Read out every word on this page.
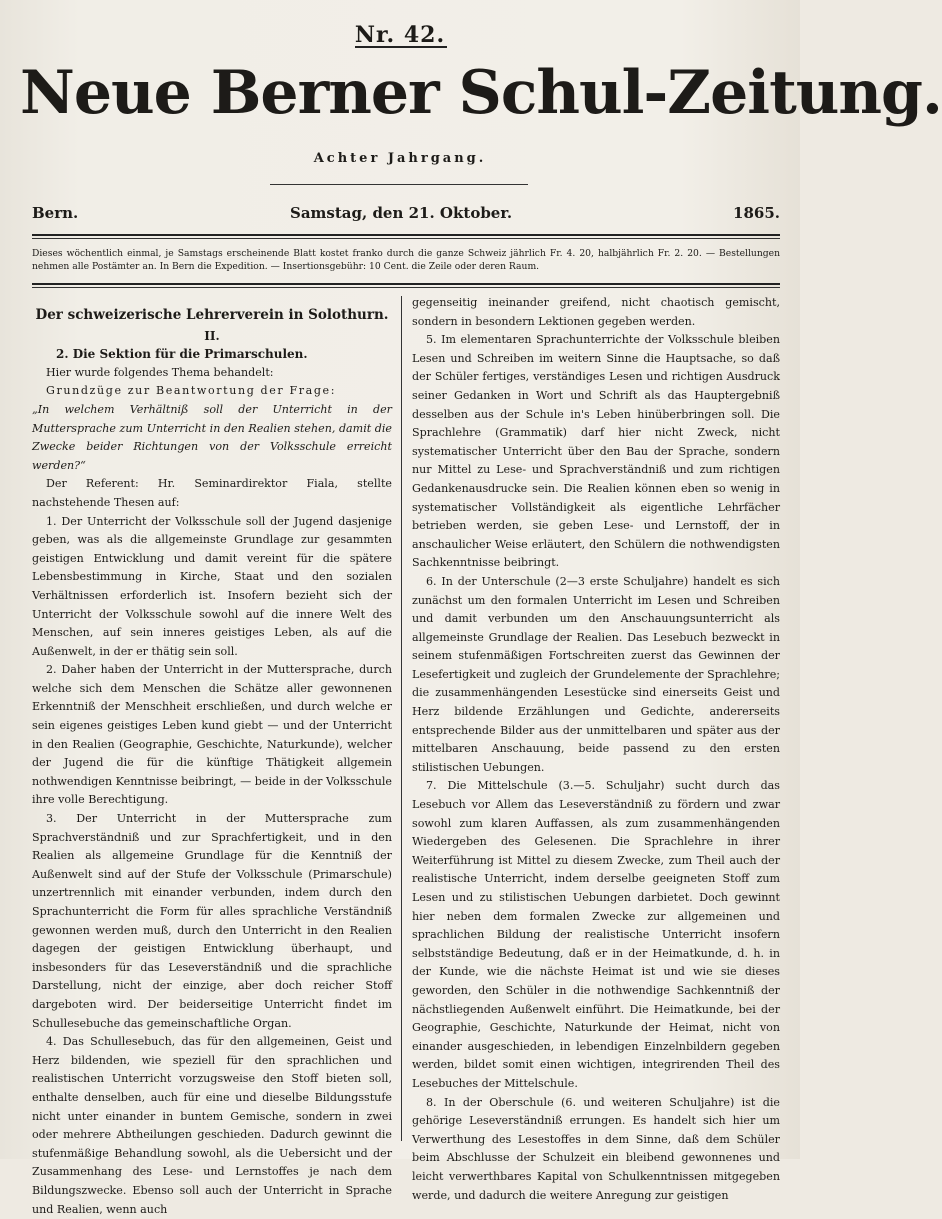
Nr. 42.
Neue Berner Schul-Zeitung.
Achter Jahrgang.
Bern.	Samstag, den 21. Oktober.	1865.
Dieses wöchentlich einmal, je Samstags erscheinende Blatt kostet franko durch die ganze Schweiz jährlich Fr. 4. 20, halbjährlich Fr. 2. 20. — Bestellungen nehmen alle Postämter an. In Bern die Expedition. — Insertionsgebühr: 10 Cent. die Zeile oder deren Raum.

Der schweizerische Lehrerverein in Solothurn.

II.

2. Die Sektion für die Primarschulen.

Hier wurde folgendes Thema behandelt:

Grundzüge zur Beantwortung der Frage:

„In welchem Verhältniß soll der Unterricht in der Muttersprache zum Unterricht in den Realien stehen, damit die Zwecke beider Richtungen von der Volksschule erreicht werden?“

Der Referent: Hr. Seminardirektor Fiala, stellte nachstehende Thesen auf:

1. Der Unterricht der Volksschule soll der Jugend dasjenige geben, was als die allgemeinste Grundlage zur gesammten geistigen Entwicklung und damit vereint für die spätere Lebensbestimmung in Kirche, Staat und den sozialen Verhältnissen erforderlich ist. Insofern bezieht sich der Unterricht der Volksschule sowohl auf die innere Welt des Menschen, auf sein inneres geistiges Leben, als auf die Außenwelt, in der er thätig sein soll.

2. Daher haben der Unterricht in der Muttersprache, durch welche sich dem Menschen die Schätze aller gewonnenen Erkenntniß der Menschheit erschließen, und durch welche er sein eigenes geistiges Leben kund giebt — und der Unterricht in den Realien (Geographie, Geschichte, Naturkunde), welcher der Jugend die für die künftige Thätigkeit allgemein nothwendigen Kenntnisse beibringt, — beide in der Volksschule ihre volle Berechtigung.

3. Der Unterricht in der Muttersprache zum Sprachverständniß und zur Sprachfertigkeit, und in den Realien als allgemeine Grundlage für die Kenntniß der Außenwelt sind auf der Stufe der Volksschule (Primarschule) unzertrennlich mit einander verbunden, indem durch den Sprachunterricht die Form für alles sprachliche Verständniß gewonnen werden muß, durch den Unterricht in den Realien dagegen der geistigen Entwicklung überhaupt, und insbesonders für das Leseverständniß und die sprachliche Darstellung, nicht der einzige, aber doch reicher Stoff dargeboten wird. Der beiderseitige Unterricht findet im Schullesebuche das gemeinschaftliche Organ.

4. Das Schullesebuch, das für den allgemeinen, Geist und Herz bildenden, wie speziell für den sprachlichen und realistischen Unterricht vorzugsweise den Stoff bieten soll, enthalte denselben, auch für eine und dieselbe Bildungsstufe nicht unter einander in buntem Gemische, sondern in zwei oder mehrere Abtheilungen geschieden. Dadurch gewinnt die stufenmäßige Behandlung sowohl, als die Uebersicht und der Zusammenhang des Lese- und Lernstoffes je nach dem Bildungszwecke. Ebenso soll auch der Unterricht in Sprache und Realien, wenn auch

gegenseitig ineinander greifend, nicht chaotisch gemischt, sondern in besondern Lektionen gegeben werden.

5. Im elementaren Sprachunterrichte der Volksschule bleiben Lesen und Schreiben im weitern Sinne die Hauptsache, so daß der Schüler fertiges, verständiges Lesen und richtigen Ausdruck seiner Gedanken in Wort und Schrift als das Hauptergebniß desselben aus der Schule in's Leben hinüberbringen soll. Die Sprachlehre (Grammatik) darf hier nicht Zweck, nicht systematischer Unterricht über den Bau der Sprache, sondern nur Mittel zu Lese- und Sprachverständniß und zum richtigen Gedankenausdrucke sein. Die Realien können eben so wenig in systematischer Vollständigkeit als eigentliche Lehrfächer betrieben werden, sie geben Lese- und Lernstoff, der in anschaulicher Weise erläutert, den Schülern die nothwendigsten Sachkenntnisse beibringt.

6. In der Unterschule (2—3 erste Schuljahre) handelt es sich zunächst um den formalen Unterricht im Lesen und Schreiben und damit verbunden um den Anschauungsunterricht als allgemeinste Grundlage der Realien. Das Lesebuch bezweckt in seinem stufenmäßigen Fortschreiten zuerst das Gewinnen der Lesefertigkeit und zugleich der Grundelemente der Sprachlehre; die zusammenhängenden Lesestücke sind einerseits Geist und Herz bildende Erzählungen und Gedichte, andererseits entsprechende Bilder aus der unmittelbaren und später aus der mittelbaren Anschauung, beide passend zu den ersten stilistischen Uebungen.

7. Die Mittelschule (3.—5. Schuljahr) sucht durch das Lesebuch vor Allem das Leseverständniß zu fördern und zwar sowohl zum klaren Auffassen, als zum zusammenhängenden Wiedergeben des Gelesenen. Die Sprachlehre in ihrer Weiterführung ist Mittel zu diesem Zwecke, zum Theil auch der realistische Unterricht, indem derselbe geeigneten Stoff zum Lesen und zu stilistischen Uebungen darbietet. Doch gewinnt hier neben dem formalen Zwecke zur allgemeinen und sprachlichen Bildung der realistische Unterricht insofern selbstständige Bedeutung, daß er in der Heimatkunde, d. h. in der Kunde, wie die nächste Heimat ist und wie sie dieses geworden, den Schüler in die nothwendige Sachkenntniß der nächstliegenden Außenwelt einführt. Die Heimatkunde, bei der Geographie, Geschichte, Naturkunde der Heimat, nicht von einander ausgeschieden, in lebendigen Einzelnbildern gegeben werden, bildet somit einen wichtigen, integrirenden Theil des Lesebuches der Mittelschule.

8. In der Oberschule (6. und weiteren Schuljahre) ist die gehörige Leseverständniß errungen. Es handelt sich hier um Verwerthung des Lesestoffes in dem Sinne, daß dem Schüler beim Abschlusse der Schulzeit ein bleibend gewonnenes und leicht verwerthbares Kapital von Schulkenntnissen mitgegeben werde, und dadurch die weitere Anregung zur geistigen
